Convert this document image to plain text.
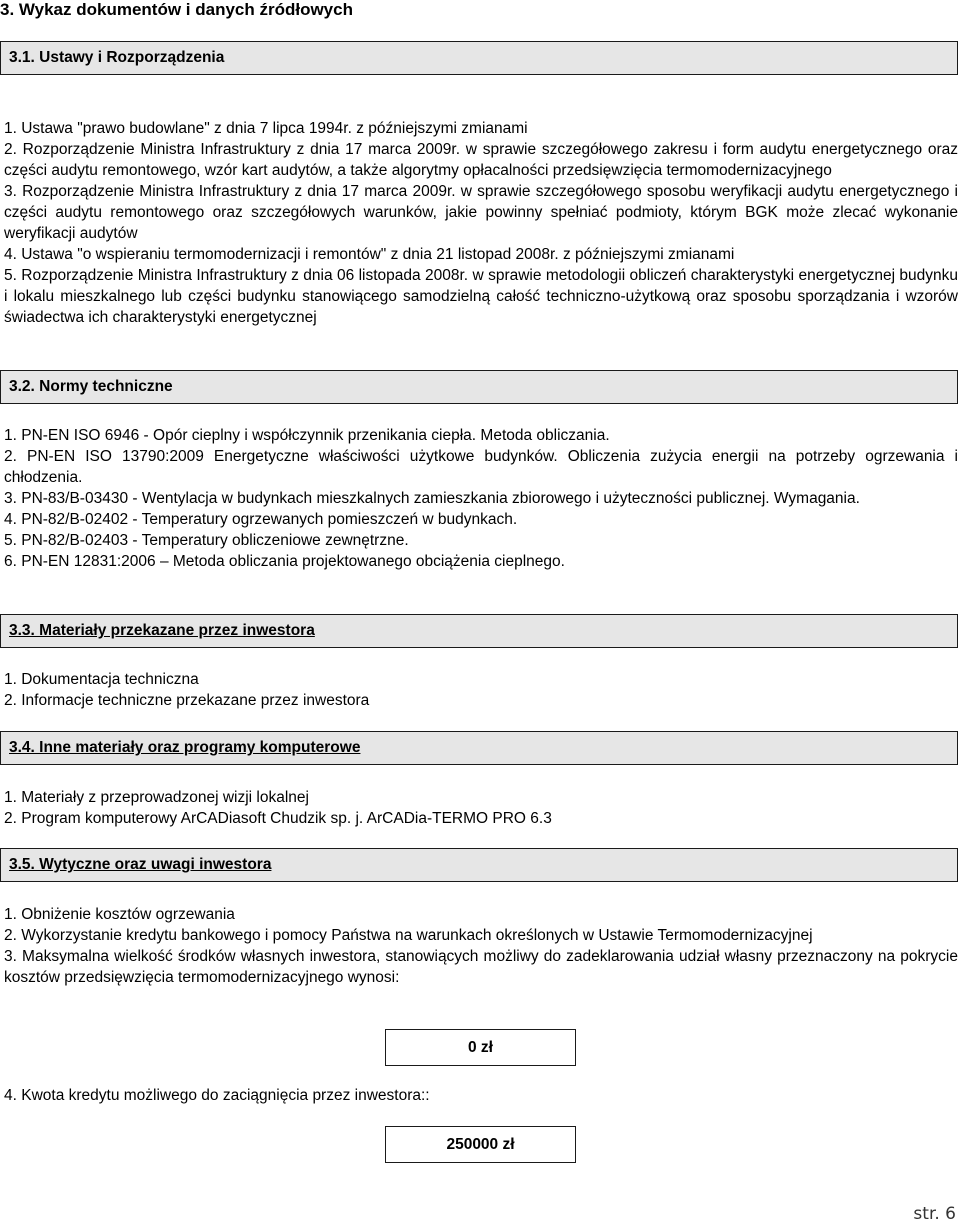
3. Wykaz dokumentów i danych źródłowych
3.1. Ustawy i Rozporządzenia

1. Ustawa "prawo budowlane" z dnia 7 lipca 1994r. z późniejszymi zmianami

2. Rozporządzenie Ministra Infrastruktury z dnia 17 marca 2009r. w sprawie szczegółowego zakresu i form audytu energetycznego oraz części audytu remontowego, wzór kart audytów, a także algorytmy opłacalności przedsięwzięcia termomodernizacyjnego

3. Rozporządzenie Ministra Infrastruktury z dnia 17 marca 2009r. w sprawie szczegółowego sposobu weryfikacji audytu energetycznego i części audytu remontowego oraz szczegółowych warunków, jakie powinny spełniać podmioty, którym BGK może zlecać wykonanie weryfikacji audytów

4. Ustawa "o wspieraniu termomodernizacji i remontów" z dnia 21 listopad 2008r. z późniejszymi zmianami

5. Rozporządzenie Ministra Infrastruktury z dnia 06 listopada 2008r. w sprawie metodologii obliczeń charakterystyki energetycznej budynku i lokalu mieszkalnego lub części budynku stanowiącego samodzielną całość techniczno-użytkową oraz sposobu sporządzania i wzorów świadectwa ich charakterystyki energetycznej

3.2. Normy techniczne

1. PN-EN ISO 6946 - Opór cieplny i współczynnik przenikania ciepła. Metoda obliczania.

2. PN-EN ISO 13790:2009 Energetyczne właściwości użytkowe budynków. Obliczenia zużycia energii na potrzeby ogrzewania i chłodzenia.

3. PN-83/B-03430 - Wentylacja w budynkach mieszkalnych zamieszkania zbiorowego i użyteczności publicznej. Wymagania.

4. PN-82/B-02402 - Temperatury ogrzewanych pomieszczeń w budynkach.

5. PN-82/B-02403 - Temperatury obliczeniowe zewnętrzne.

6. PN-EN 12831:2006 – Metoda obliczania projektowanego obciążenia cieplnego.

3.3. Materiały przekazane przez inwestora

1. Dokumentacja techniczna

2. Informacje techniczne przekazane przez inwestora

3.4. Inne materiały oraz programy komputerowe

1. Materiały z przeprowadzonej wizji lokalnej

2. Program komputerowy ArCADiasoft Chudzik sp. j. ArCADia-TERMO PRO 6.3

3.5. Wytyczne oraz uwagi inwestora

1. Obniżenie kosztów ogrzewania

2. Wykorzystanie kredytu bankowego i pomocy Państwa na warunkach określonych w Ustawie Termomodernizacyjnej

3. Maksymalna wielkość środków własnych inwestora, stanowiących możliwy do zadeklarowania udział własny przeznaczony na pokrycie kosztów przedsięwzięcia termomodernizacyjnego wynosi:

0 zł

4. Kwota kredytu możliwego do zaciągnięcia przez inwestora::

250000 zł
str. 6
